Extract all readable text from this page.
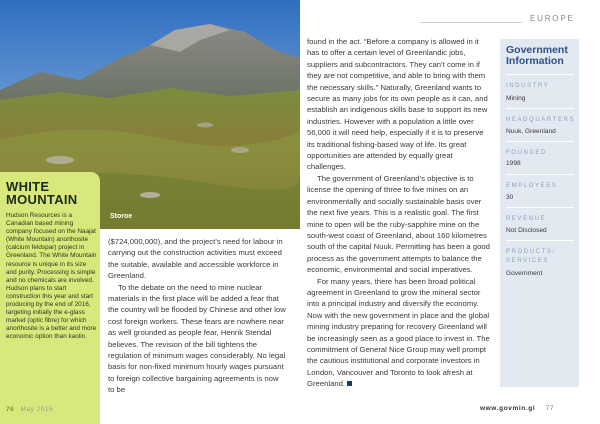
Storoe
WHITE
MOUNTAIN
Hudson Resources is a Canadian based mining company focused on the Naajat (White Mountain) anorthosite (calcium feldspar) project in Greenland. The White Mountain resource is unique in its size and purity. Processing is simple and no chemicals are involved. Hudson plans to start construction this year and start producing by the end of 2016, targeting initially the e-glass market (optic fibre) for which anorthosite is a better and more economic option than kaolin.

($724,000,000), and the project’s need for labour in carrying out the construction activities must exceed the suitable, available and accessible workforce in Greenland.

To the debate on the need to mine nuclear materials in the first place will be added a fear that the country will be flooded by Chinese and other low cost foreign workers. These fears are nowhere near as well grounded as people fear, Henrik Stendal believes. The revision of the bill tightens the regulation of minimum wages considerably. No legal basis for non-fixed minimum hourly wages pursuant to foreign collective bargaining agreements is now to be

76 May 2015
EUROPE

found in the act. “Before a company is allowed in it has to offer a certain level of Greenlandic jobs, suppliers and subcontractors. They can’t come in if they are not competitive, and able to bring with them the necessary skills.” Naturally, Greenland wants to secure as many jobs for its own people as it can, and establish an indigenous skills base to support its new industries. However with a population a little over 56,000 it will need help, especially if it is to preserve its traditional fishing-based way of life. Its great opportunities are attended by equally great challenges.

The government of Greenland’s objective is to license the opening of three to five mines on an environmentally and socially sustainable basis over the next five years. This is a realistic goal. The first mine to open will be the ruby-sapphire mine on the south-west coast of Greenland, about 160 kilometres south of the capital Nuuk. Permitting has been a good process as the government attempts to balance the economic, environmental and social imperatives.

For many years, there has been broad political agreement in Greenland to grow the mineral sector into a principal industry and diversify the economy. Now with the new government in place and the global mining industry preparing for recovery Greenland will be increasingly seen as a good place to invest in. The commitment of General Nice Group may well prompt the cautious institutional and corporate investors in London, Vancouver and Toronto to look afresh at Greenland.

Government
Information
INDUSTRY
Mining
HEADQUARTERS
Nuuk, Greenland
FOUNDED
1998
EMPLOYEES
30
REVENUE
Not Disclosed
PRODUCTS/
SERVICES
Government
www.govmin.gl 77
